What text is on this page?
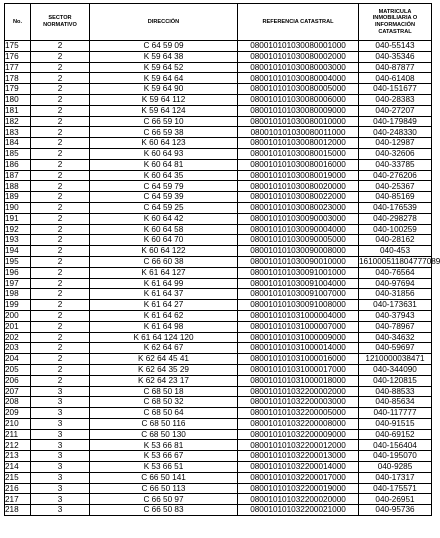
No.	SECTOR NORMATIVO	DIRECCIÓN	REFERENCIA CATASTRAL	MATRICULA INMOBILIARIA O INFORMACIÓN CATASTRAL
175	2	C 64 59 09	080010101030080001000	040-55143
176	2	K 59 64 38	080010101030080002000	040-35346
177	2	K 59 64 52	080010101030080003000	040-87877
178	2	K 59 64 64	080010101030080004000	040-61408
179	2	K 59 64 90	080010101030080005000	040-151677
180	2	K 59 64 112	080010101030080006000	040-28383
181	2	K 59 64 124	080010101030080009000	040-27207
182	2	C 66 59 10	080010101030080010000	040-179849
183	2	C 66 59 38	080010101030080011000	040-248330
184	2	K 60 64 123	080010101030080012000	040-12987
185	2	K 60 64 93	080010101030080015000	040-32606
186	2	K 60 64 81	080010101030080016000	040-33785
187	2	K 60 64 35	080010101030080019000	040-276206
188	2	C 64 59 79	080010101030080020000	040-25367
189	2	C 64 59 39	080010101030080022000	040-85169
190	2	C 64 59 25	080010101030080023000	040-176539
191	2	K 60 64 42	080010101030090003000	040-298278
192	2	K 60 64 58	080010101030090004000	040-100259
193	2	K 60 64 70	080010101030090005000	040-28162
194	2	K 60 64 122	080010101030090008000	040-453
195	2	C 66 60 38	080010101030090010000	1610005118047​77089
196	2	K 61 64 127	080010101030091001000	040-76564
197	2	K 61 64 99	080010101030091004000	040-97694
198	2	K 61 64 37	080010101030091007000	040-31856
199	2	K 61 64 27	080010101030091008000	040-173631
200	2	K 61 64 62	080010101031000004000	040-37943
201	2	K 61 64 98	080010101031000007000	040-78967
202	2	K 61 64 124 120	080010101031000009000	040-34632
203	2	K 62 64 67	080010101031000014000	040-59697
204	2	K 62 64 45 41	080010101031000016000	1210000038471
205	2	K 62 64 35 29	080010101031000017000	040-344090
206	2	K 62 64 23 17	080010101031000018000	040-120815
207	3	C 68 50 18	080010101032200002000	040-88533
208	3	C 68 50 32	080010101032200003000	040-85634
209	3	C 68 50 64	080010101032200005000	040-117777
210	3	C 68 50 116	080010101032200008000	040-91515
211	3	C 68 50 130	080010101032200009000	040-69152
212	3	K 53 66 81	080010101032200012000	040-156404
213	3	K 53 66 67	080010101032200013000	040-195070
214	3	K 53 66 51	080010101032200014000	040-9285
215	3	C 66 50 141	080010101032200017000	040-17317
216	3	C 66 50 113	080010101032200019000	040-175571
217	3	C 66 50 97	080010101032200020000	040-26951
218	3	C 66 50 83	080010101032200021000	040-95736
